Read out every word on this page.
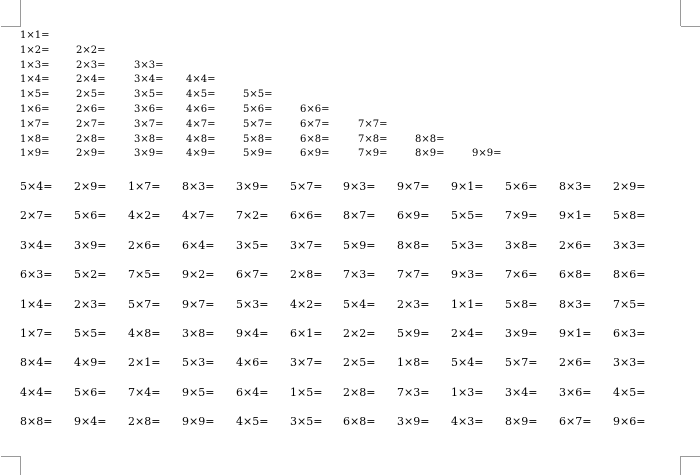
1×1=
1×2=	2×2=
1×3=	2×3=	3×3=
1×4=	2×4=	3×4= 4×4=
1×5=	2×5=	3×5= 4×5=	5×5=
1×6=	2×6=	3×6= 4×6=	5×6=	6×6=
1×7=	2×7=	3×7= 4×7=	5×7=	6×7=	7×7=
1×8=	2×8=	3×8= 4×8=	5×8=	6×8=	7×8=	8×8=
1×9=	2×9=	3×9= 4×9=	5×9=	6×9=	7×9=	8×9=	9×9=
5×4= 2×9= 1×7= 8×3= 3×9= 5×7= 9×3= 9×7= 9×1= 5×6= 8×3= 2×9=
2×7= 5×6= 4×2= 4×7= 7×2= 6×6= 8×7= 6×9= 5×5= 7×9= 9×1= 5×8=
3×4= 3×9= 2×6= 6×4= 3×5= 3×7= 5×9= 8×8= 5×3= 3×8= 2×6= 3×3=
6×3= 5×2= 7×5= 9×2= 6×7= 2×8= 7×3= 7×7= 9×3= 7×6= 6×8= 8×6=
1×4= 2×3= 5×7= 9×7= 5×3= 4×2= 5×4= 2×3= 1×1= 5×8= 8×3= 7×5=
1×7= 5×5= 4×8= 3×8= 9×4= 6×1= 2×2= 5×9= 2×4= 3×9= 9×1= 6×3=
8×4= 4×9= 2×1= 5×3= 4×6= 3×7= 2×5= 1×8= 5×4= 5×7= 2×6= 3×3=
4×4= 5×6= 7×4= 9×5= 6×4= 1×5= 2×8= 7×3= 1×3= 3×4= 3×6= 4×5=
8×8= 9×4= 2×8= 9×9= 4×5= 3×5= 6×8= 3×9= 4×3= 8×9= 6×7= 9×6=
